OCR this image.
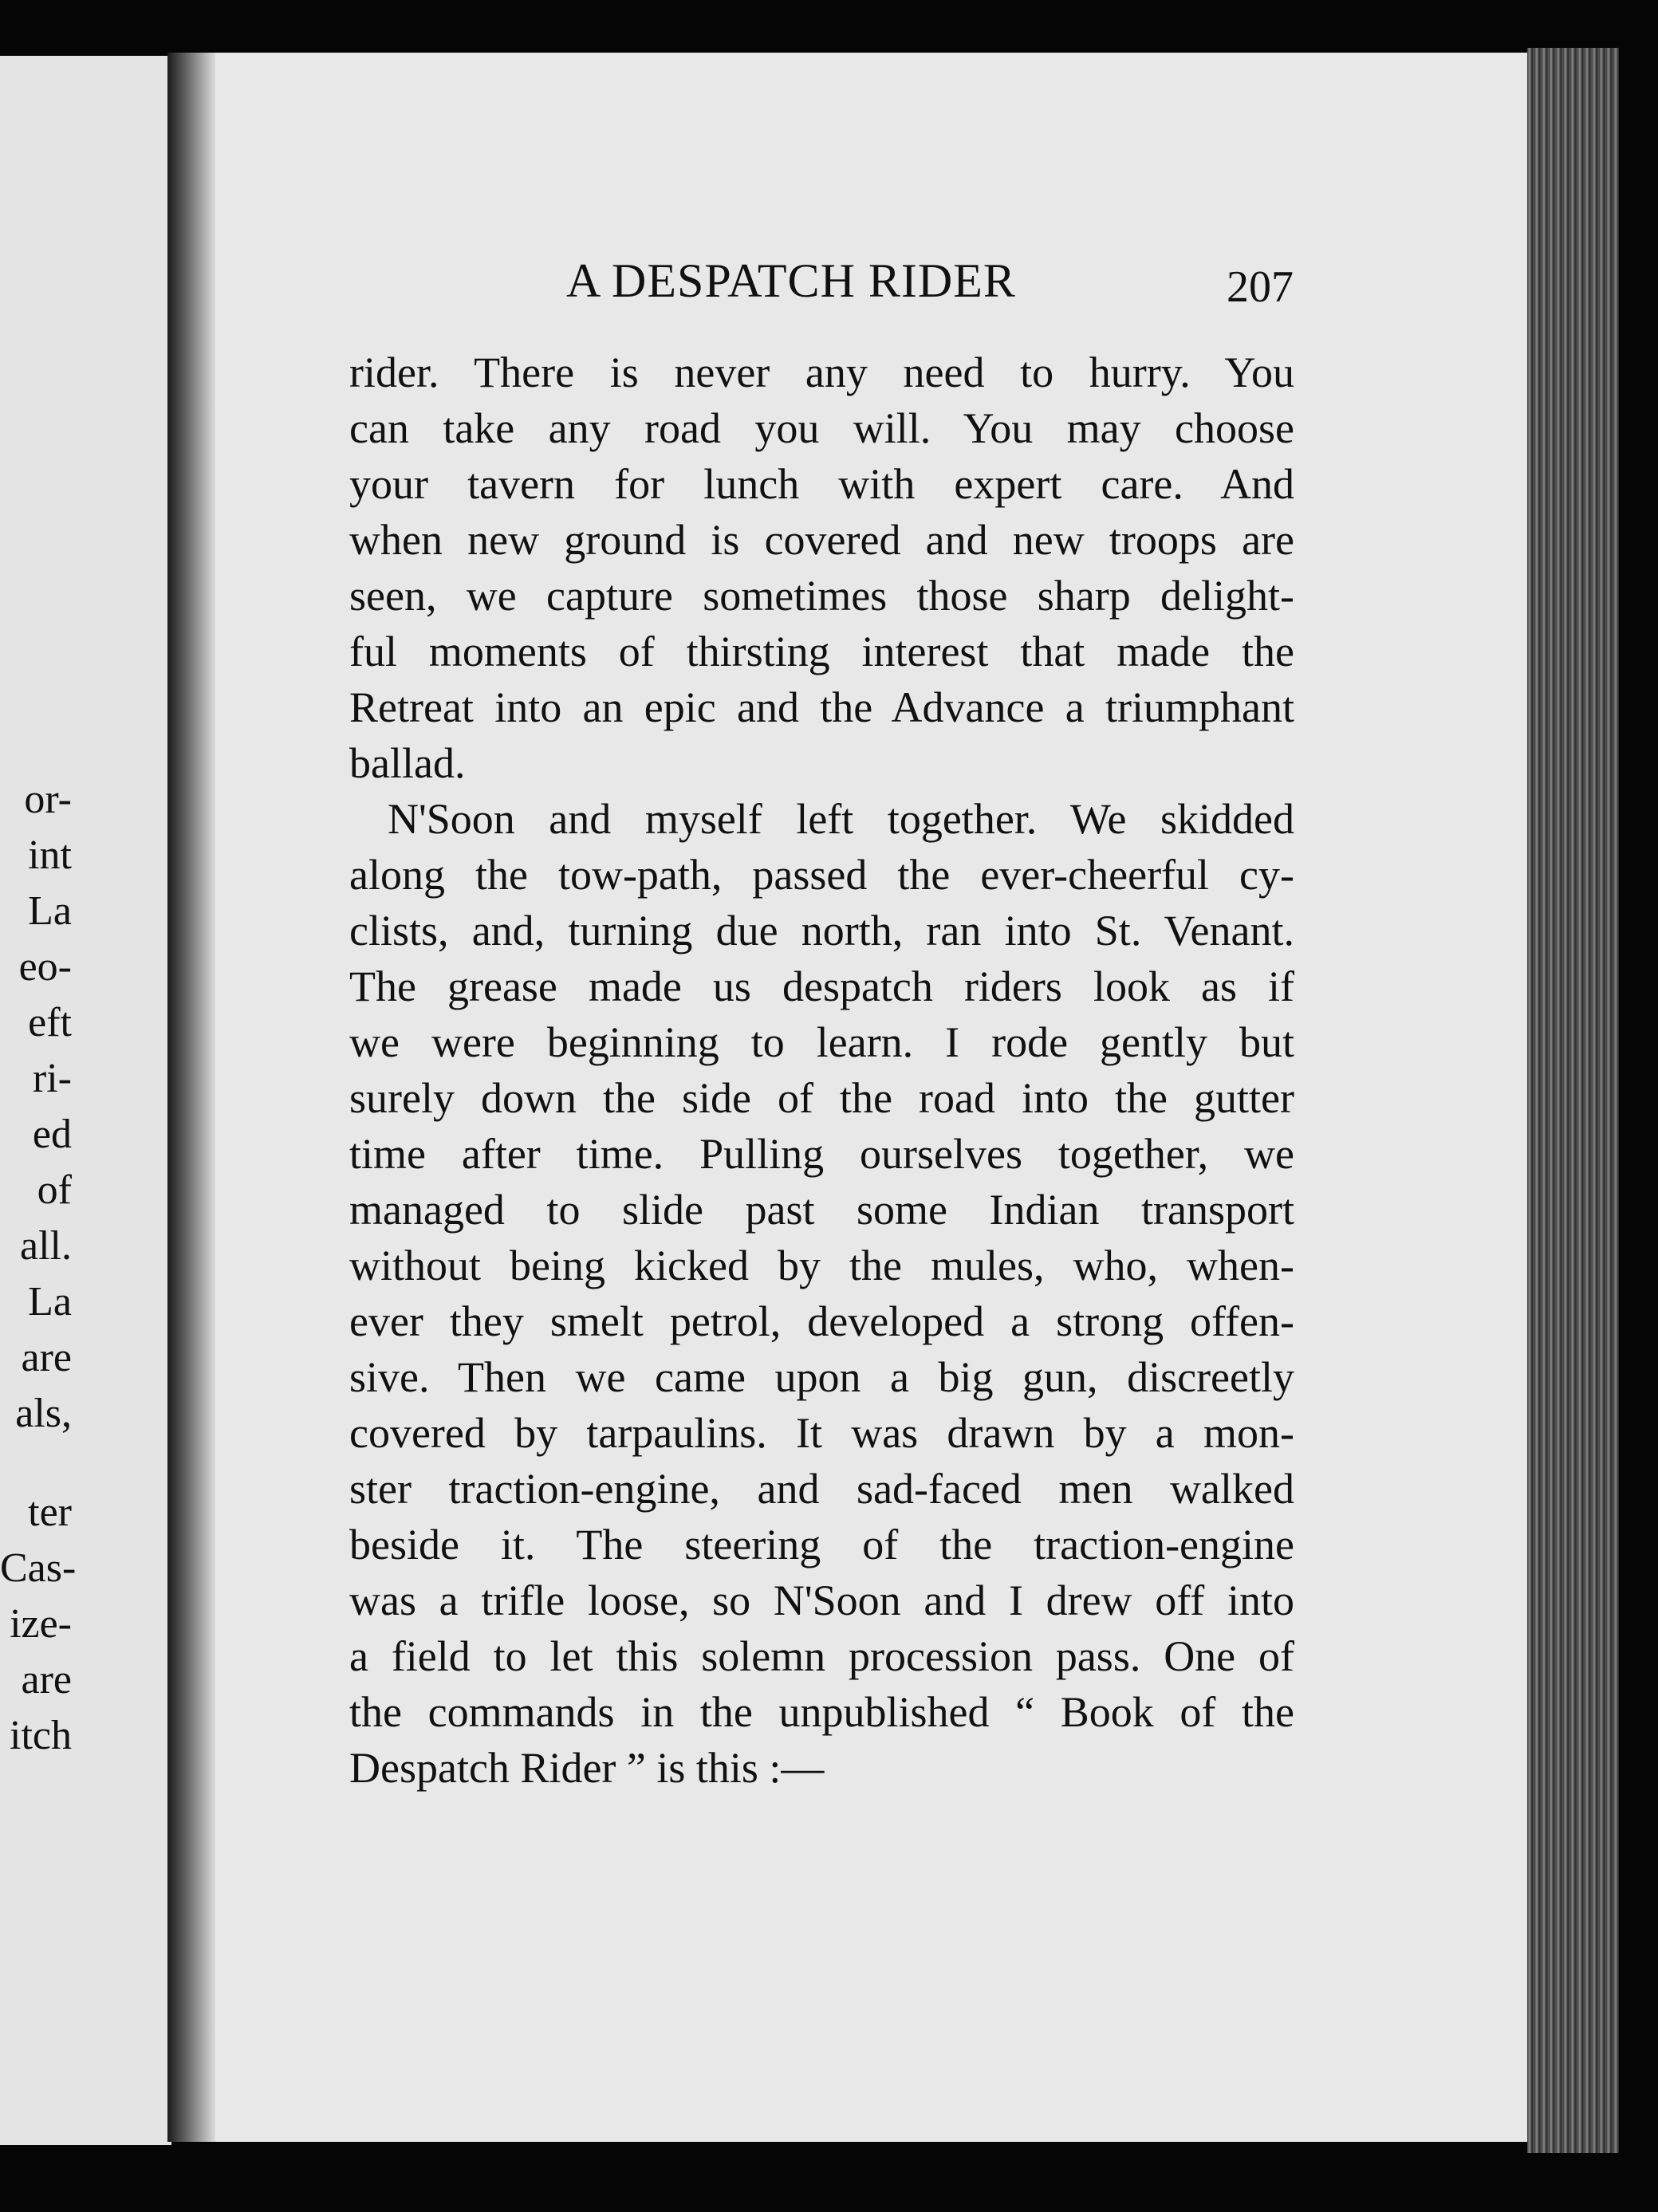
or-
int
La
eo-
eft
ri-
ed
of
all.
La
are
als,
ter
Cas-
ize-
are
itch
A DESPATCH RIDER	207
rider. There is never any need to hurry. You
can take any road you will. You may choose
your tavern for lunch with expert care. And
when new ground is covered and new troops are
seen, we capture sometimes those sharp delight-
ful moments of thirsting interest that made the
Retreat into an epic and the Advance a triumphant
ballad.
N'Soon and myself left together. We skidded
along the tow-path, passed the ever-cheerful cy-
clists, and, turning due north, ran into St. Venant.
The grease made us despatch riders look as if
we were beginning to learn. I rode gently but
surely down the side of the road into the gutter
time after time. Pulling ourselves together, we
managed to slide past some Indian transport
without being kicked by the mules, who, when-
ever they smelt petrol, developed a strong offen-
sive. Then we came upon a big gun, discreetly
covered by tarpaulins. It was drawn by a mon-
ster traction-engine, and sad-faced men walked
beside it. The steering of the traction-engine
was a trifle loose, so N'Soon and I drew off into
a field to let this solemn procession pass. One of
the commands in the unpublished “ Book of the
Despatch Rider ” is this :—
